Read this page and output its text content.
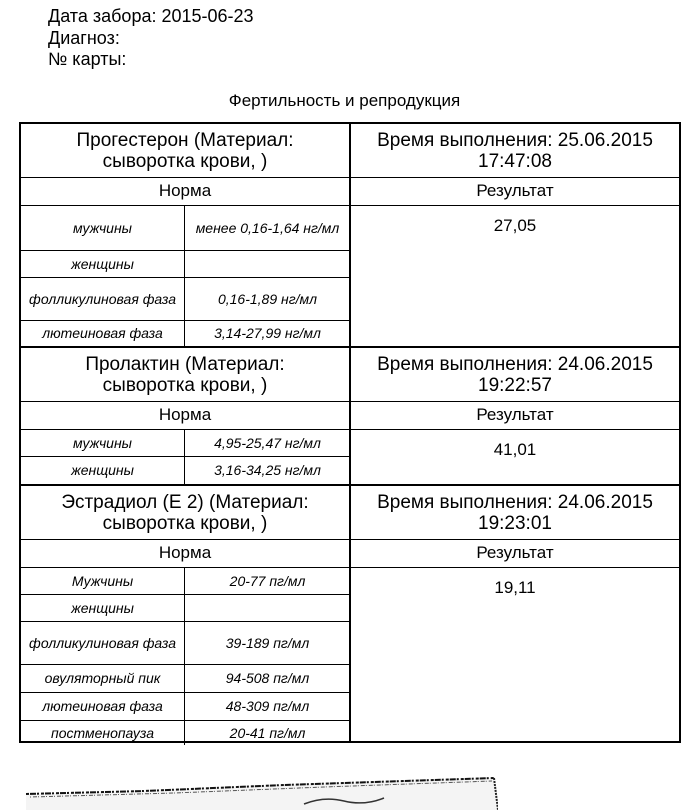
Дата забора: 2015-06-23
Диагноз:
№ карты:
Фертильность и репродукция
Прогестерон (Материал:
сыворотка крови, )
Время выполнения: 25.06.2015
17:47:08
Норма	Результат
мужчины	менее 0,16-1,64 нг/мл
женщины
фолликулиновая фаза	0,16-1,89 нг/мл
лютеиновая фаза	3,14-27,99 нг/мл
27,05
Пролактин (Материал:
сыворотка крови, )
Время выполнения: 24.06.2015
19:22:57
Норма	Результат
мужчины	4,95-25,47 нг/мл
женщины	3,16-34,25 нг/мл
41,01
Эстрадиол (E 2) (Материал:
сыворотка крови, )
Время выполнения: 24.06.2015
19:23:01
Норма	Результат
Мужчины	20-77 пг/мл
женщины
фолликулиновая фаза	39-189 пг/мл
овуляторный пик	94-508 пг/мл
лютеиновая фаза	48-309 пг/мл
постменопауза	20-41 пг/мл
19,11
